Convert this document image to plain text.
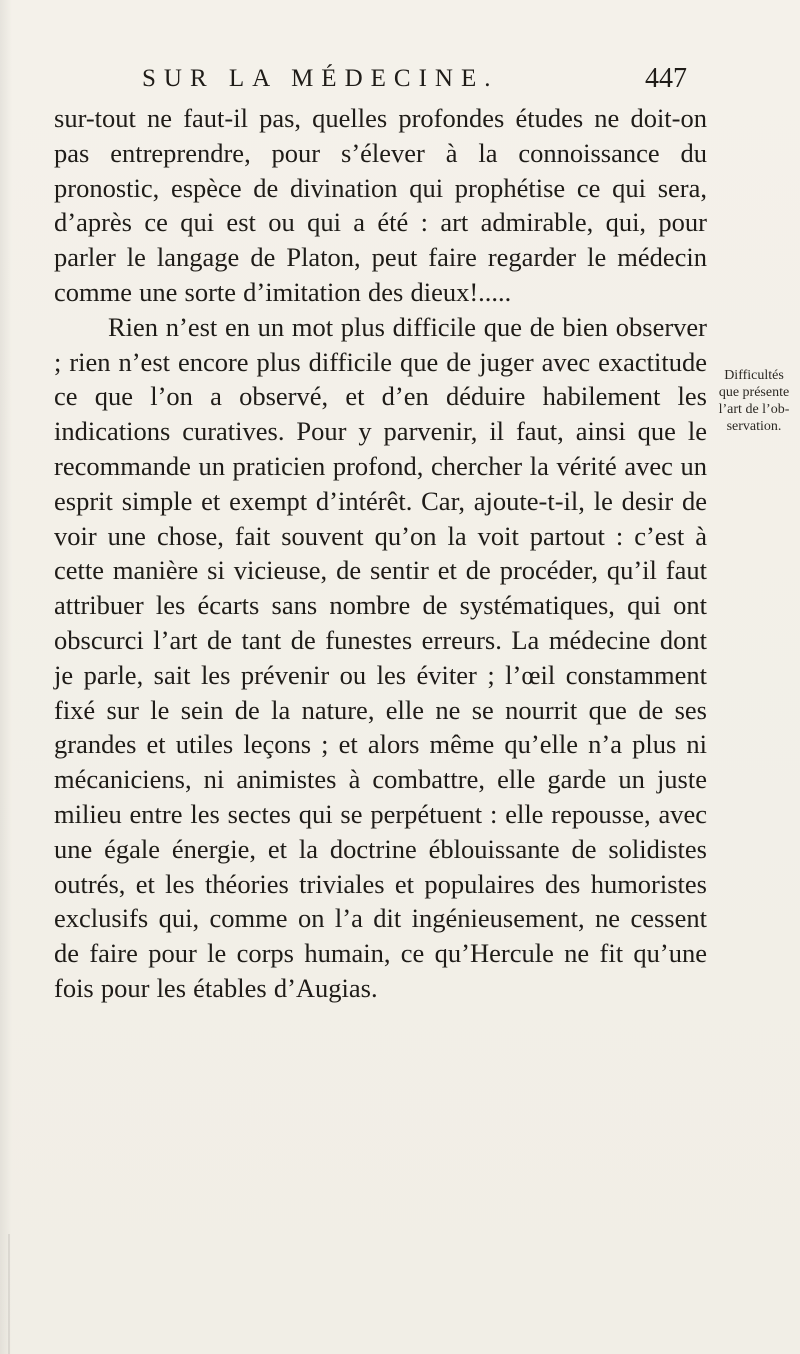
SUR LA MÉDECINE.	447

sur-tout ne faut-il pas, quelles profondes études ne doit-on pas entreprendre, pour s’élever à la connoissance du pronostic, espèce de divination qui prophétise ce qui sera, d’après ce qui est ou qui a été : art admirable, qui, pour parler le langage de Platon, peut faire regarder le médecin comme une sorte d’imitation des dieux!.....

Rien n’est en un mot plus difficile que de bien observer ; rien n’est encore plus difficile que de juger avec exactitude ce que l’on a observé, et d’en déduire habilement les indications curatives. Pour y parvenir, il faut, ainsi que le recommande un praticien profond, chercher la vérité avec un esprit simple et exempt d’intérêt. Car, ajoute-t-il, le desir de voir une chose, fait souvent qu’on la voit partout : c’est à cette manière si vicieuse, de sentir et de procéder, qu’il faut attribuer les écarts sans nombre de systématiques, qui ont obscurci l’art de tant de funestes erreurs. La médecine dont je parle, sait les prévenir ou les éviter ; l’œil constamment fixé sur le sein de la nature, elle ne se nourrit que de ses grandes et utiles leçons ; et alors même qu’elle n’a plus ni mécaniciens, ni animistes à combattre, elle garde un juste milieu entre les sectes qui se perpétuent : elle repousse, avec une égale énergie, et la doctrine éblouissante de solidistes outrés, et les théories triviales et populaires des humoristes exclusifs qui, comme on l’a dit ingénieusement, ne cessent de faire pour le corps humain, ce qu’Hercule ne fit qu’une fois pour les étables d’Augias.

Difficultés
que présente
l’art de l’ob-
servation.
